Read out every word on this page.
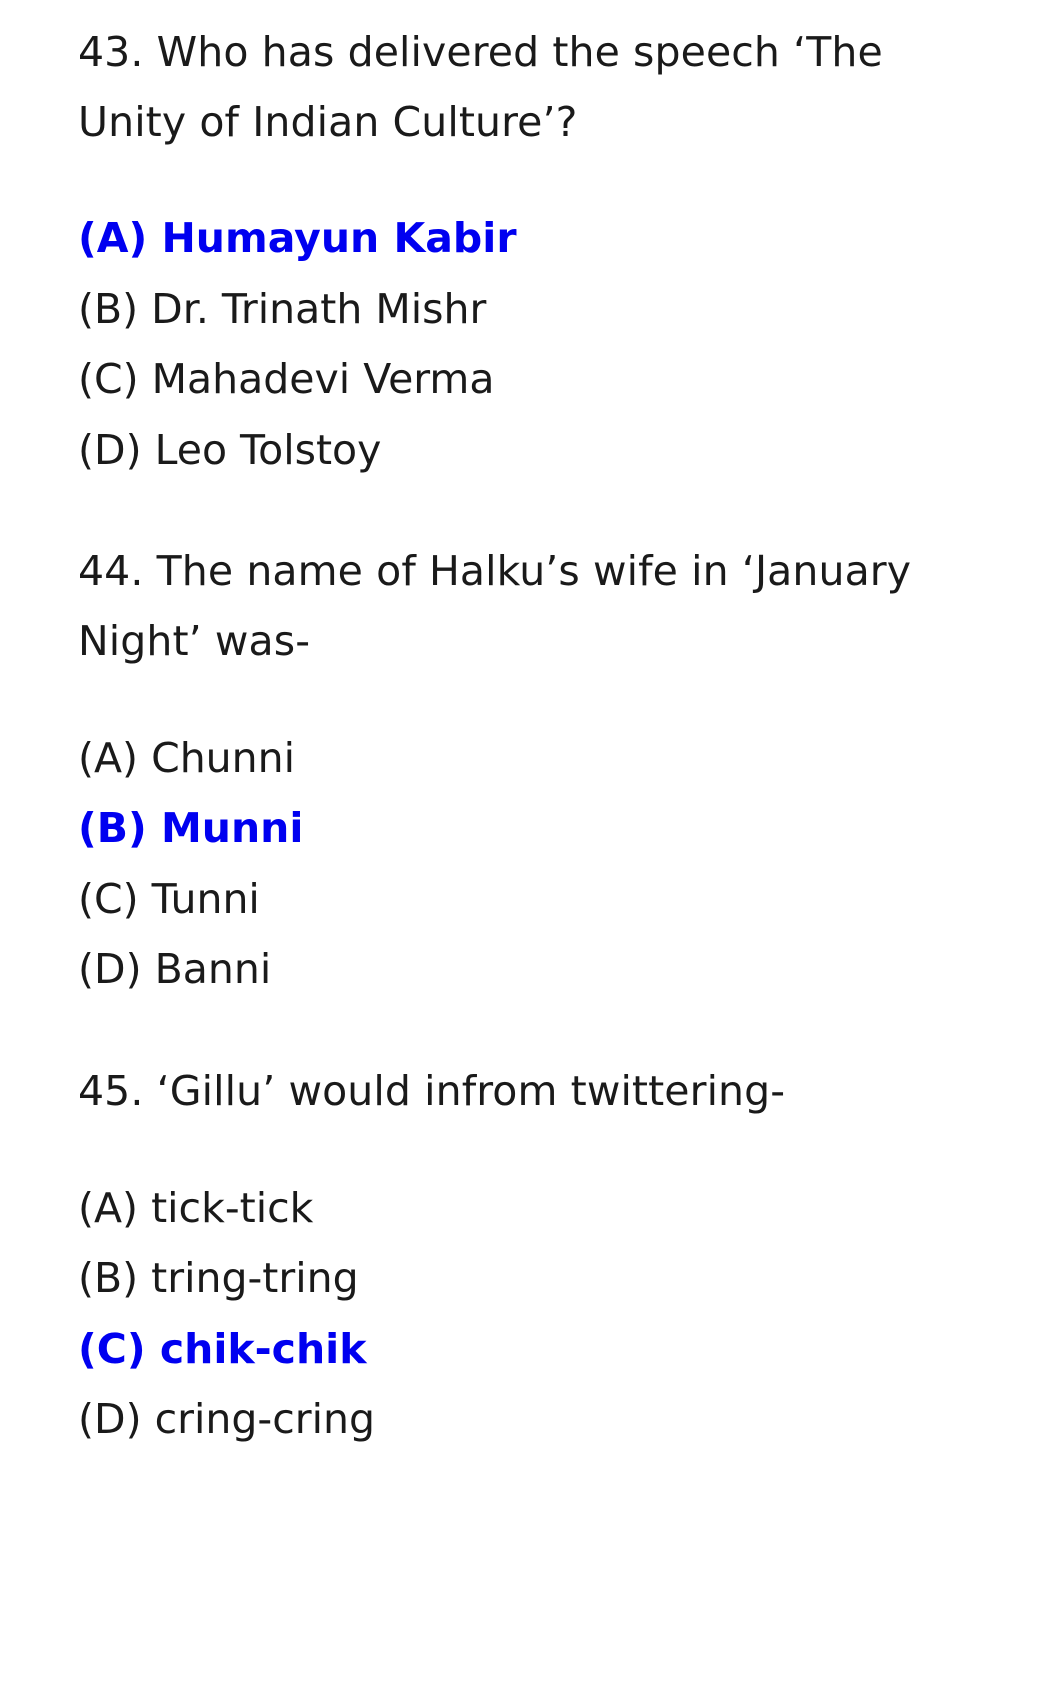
43. Who has delivered the speech ‘The Unity of Indian Culture’?

(A) Humayun Kabir
(B) Dr. Trinath Mishr
(C) Mahadevi Verma
(D) Leo Tolstoy

44. The name of Halku’s wife in ‘January Night’ was-

(A) Chunni
(B) Munni
(C) Tunni
(D) Banni

45. ‘Gillu’ would infrom twittering-

(A) tick-tick
(B) tring-tring
(C) chik-chik
(D) cring-cring
